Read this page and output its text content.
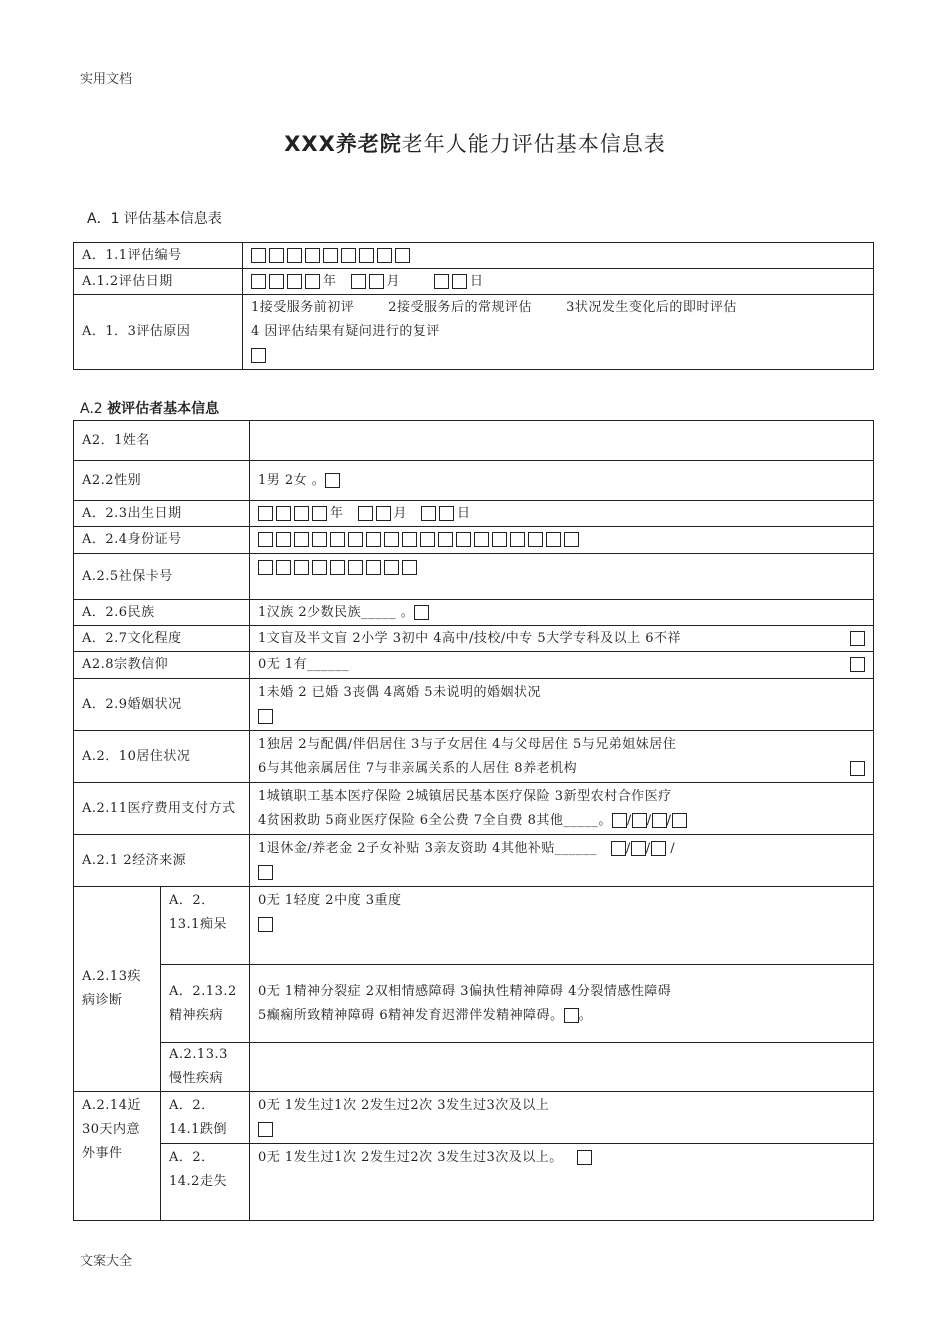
实用文档
XXX养老院老年人能力评估基本信息表
A．1 评估基本信息表
A．1.1评估编号	
A.1.2评估日期	年 月 日
A．1．3评估原因	1接受服务前初评 2接受服务后的常规评估 3状况发生变化后的即时评估
4 因评估结果有疑问进行的复评
A.2 被评估者基本信息
A2．1姓名		
A2.2性别		1男 2女 。
A．2.3出生日期		年 月 日
A．2.4身份证号		
A.2.5社保卡号		
A．2.6民族		1汉族 2少数民族_____ 。
A．2.7文化程度		1文盲及半文盲 2小学 3初中 4高中/技校/中专 5大学专科及以上 6不祥

A2.8宗教信仰		0无 1有______

A．2.9婚姻状况		1未婚 2 已婚 3丧偶 4离婚 5未说明的婚姻状况

A.2．10居住状况		1独居 2与配偶/伴侣居住 3与子女居住 4与父母居住 5与兄弟姐妹居住
6与其他亲属居住 7与非亲属关系的人居住 8养老机构

A.2.11医疗费用支付方式		1城镇职工基本医疗保险 2城镇居民基本医疗保险 3新型农村合作医疗
4贫困救助 5商业医疗保险 6全公费 7全自费 8其他_____。 / / /

A.2.1 2经济来源		1退休金/养老金 2子女补贴 3亲友资助 4其他补贴______ / / /

A.2.13疾病诊断	A．2．13.1痴呆	0无 1轻度 2中度 3重度

	A．2.13.2精神疾病	0无 1精神分裂症 2双相情感障碍 3偏执性精神障碍 4分裂情感性障碍
5癫痫所致精神障碍 6精神发育迟滞伴发精神障碍。 。

	A.2.13.3慢性疾病	
A.2.14近30天内意外事件	A．2．14.1跌倒	0无 1发生过1次 2发生过2次 3发生过3次及以上

	A．2．14.2走失	0无 1发生过1次 2发生过2次 3发生过3次及以上。
文案大全
